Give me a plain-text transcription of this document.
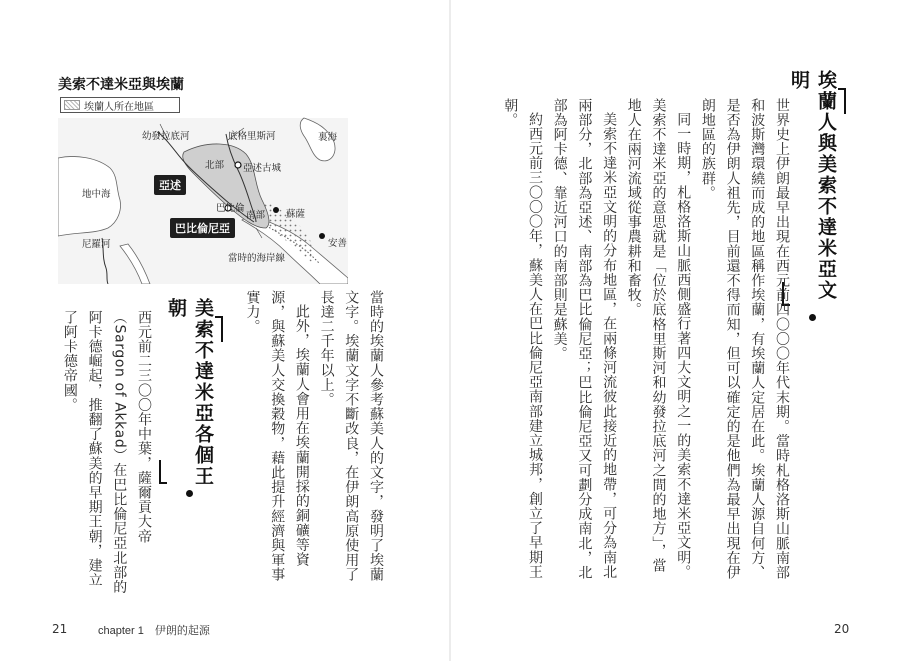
埃蘭人與美索不達米亞文明

世界史上伊朗最早出現在西元前四〇〇〇年代末期。當時札格洛斯山脈南部和波斯灣環繞而成的地區稱作埃蘭，有埃蘭人定居在此。埃蘭人源自何方、是否為伊朗人祖先，目前還不得而知，但可以確定的是他們為最早出現在伊朗地區的族群。

同一時期，札格洛斯山脈西側盛行著四大文明之一的美索不達米亞文明。美索不達米亞的意思就是「位於底格里斯河和幼發拉底河之間的地方」，當地人在兩河流域從事農耕和畜牧。

美索不達米亞文明的分布地區，在兩條河流彼此接近的地帶，可分為南北兩部分，北部為亞述、南部為巴比倫尼亞；巴比倫尼亞又可劃分成南北，北部為阿卡德、靠近河口的南部則是蘇美。

約西元前三〇〇〇年，蘇美人在巴比倫尼亞南部建立城邦，創立了早期王朝。

20
美索不達米亞與埃蘭
埃蘭人所在地區
幼發拉底河	底格里斯河	裏海
北部 亞述古城
地中海
亞述
巴比倫
南部 蘇薩
巴比倫尼亞
安善
尼羅河
當時的海岸線

當時的埃蘭人參考蘇美人的文字，發明了埃蘭文字。埃蘭文字不斷改良，在伊朗高原使用了長達二千年以上。

此外，埃蘭人會用在埃蘭開採的銅礦等資源，與蘇美人交換穀物，藉此提升經濟與軍事實力。

美索不達米亞各個王朝

西元前二三〇〇年中葉，薩爾貢大帝（Sargon of Akkad）在巴比倫尼亞北部的阿卡德崛起，推翻了蘇美的早期王朝，建立了阿卡德帝國。

21	chapter 1　伊朗的起源
